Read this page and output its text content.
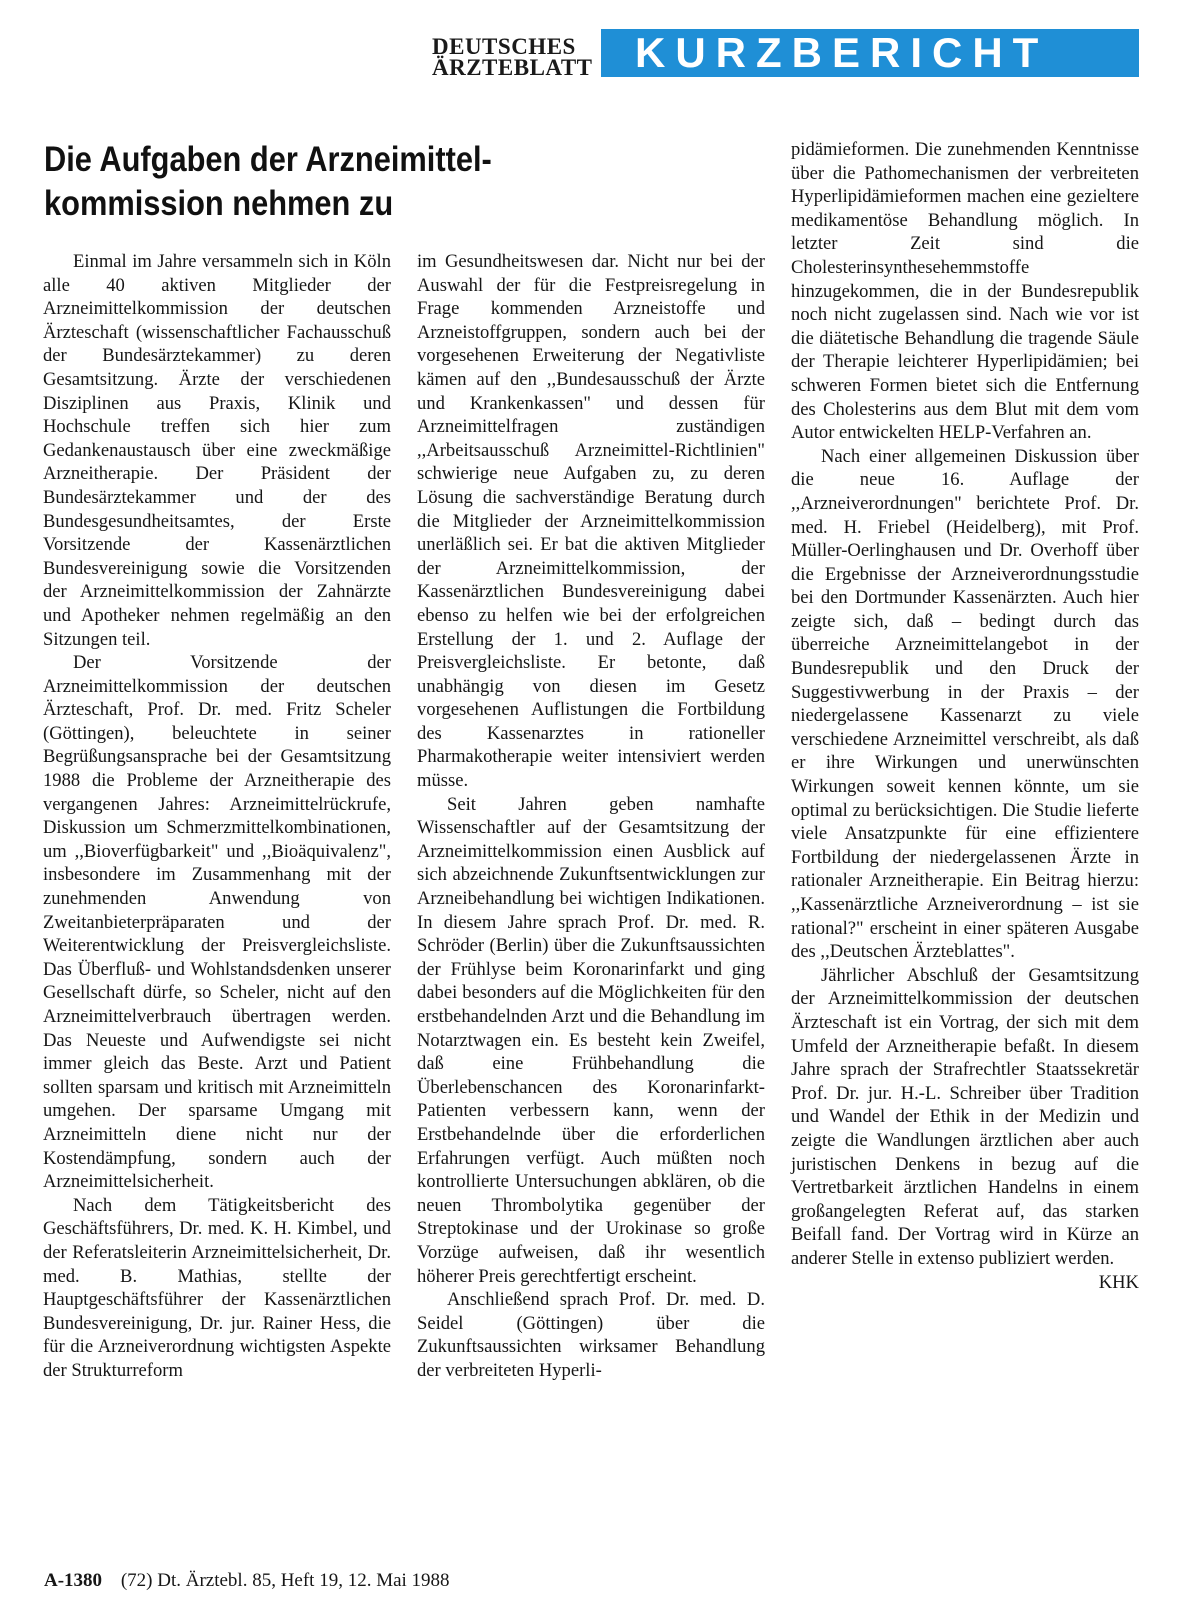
DEUTSCHES
ÄRZTEBLATT KURZBERICHT
Die Aufgaben der Arzneimittel-
kommission nehmen zu

Einmal im Jahre versammeln sich in Köln alle 40 aktiven Mitglieder der Arzneimittelkommission der deutschen Ärzteschaft (wissenschaftlicher Fachausschuß der Bundesärztekammer) zu deren Gesamtsitzung. Ärzte der verschiedenen Disziplinen aus Praxis, Klinik und Hochschule treffen sich hier zum Gedankenaustausch über eine zweckmäßige Arzneitherapie. Der Präsident der Bundesärztekammer und der des Bundesgesundheitsamtes, der Erste Vorsitzende der Kassenärztlichen Bundesvereinigung sowie die Vorsitzenden der Arzneimittelkommission der Zahnärzte und Apotheker nehmen regelmäßig an den Sitzungen teil.

Der Vorsitzende der Arzneimittelkommission der deutschen Ärzteschaft, Prof. Dr. med. Fritz Scheler (Göttingen), beleuchtete in seiner Begrüßungsansprache bei der Gesamtsitzung 1988 die Probleme der Arzneitherapie des vergangenen Jahres: Arzneimittelrückrufe, Diskussion um Schmerzmittelkombinationen, um ,,Bioverfügbarkeit" und ,,Bioäquivalenz", insbesondere im Zusammenhang mit der zunehmenden Anwendung von Zweitanbieterpräparaten und der Weiterentwicklung der Preisvergleichsliste. Das Überfluß- und Wohlstandsdenken unserer Gesellschaft dürfe, so Scheler, nicht auf den Arzneimittelverbrauch übertragen werden. Das Neueste und Aufwendigste sei nicht immer gleich das Beste. Arzt und Patient sollten sparsam und kritisch mit Arzneimitteln umgehen. Der sparsame Umgang mit Arzneimitteln diene nicht nur der Kostendämpfung, sondern auch der Arzneimittelsicherheit.

Nach dem Tätigkeitsbericht des Geschäftsführers, Dr. med. K. H. Kimbel, und der Referatsleiterin Arzneimittelsicherheit, Dr. med. B. Mathias, stellte der Hauptgeschäftsführer der Kassenärztlichen Bundesvereinigung, Dr. jur. Rainer Hess, die für die Arzneiverordnung wichtigsten Aspekte der Strukturreform

im Gesundheitswesen dar. Nicht nur bei der Auswahl der für die Festpreisregelung in Frage kommenden Arzneistoffe und Arzneistoffgruppen, sondern auch bei der vorgesehenen Erweiterung der Negativliste kämen auf den ,,Bundesausschuß der Ärzte und Krankenkassen" und dessen für Arzneimittelfragen zuständigen ,,Arbeitsausschuß Arzneimittel-Richtlinien" schwierige neue Aufgaben zu, zu deren Lösung die sachverständige Beratung durch die Mitglieder der Arzneimittelkommission unerläßlich sei. Er bat die aktiven Mitglieder der Arzneimittelkommission, der Kassenärztlichen Bundesvereinigung dabei ebenso zu helfen wie bei der erfolgreichen Erstellung der 1. und 2. Auflage der Preisvergleichsliste. Er betonte, daß unabhängig von diesen im Gesetz vorgesehenen Auflistungen die Fortbildung des Kassenarztes in rationeller Pharmakotherapie weiter intensiviert werden müsse.

Seit Jahren geben namhafte Wissenschaftler auf der Gesamtsitzung der Arzneimittelkommission einen Ausblick auf sich abzeichnende Zukunftsentwicklungen zur Arzneibehandlung bei wichtigen Indikationen. In diesem Jahre sprach Prof. Dr. med. R. Schröder (Berlin) über die Zukunftsaussichten der Frühlyse beim Koronarinfarkt und ging dabei besonders auf die Möglichkeiten für den erstbehandelnden Arzt und die Behandlung im Notarztwagen ein. Es besteht kein Zweifel, daß eine Frühbehandlung die Überlebenschancen des Koronarinfarkt-Patienten verbessern kann, wenn der Erstbehandelnde über die erforderlichen Erfahrungen verfügt. Auch müßten noch kontrollierte Untersuchungen abklären, ob die neuen Thrombolytika gegenüber der Streptokinase und der Urokinase so große Vorzüge aufweisen, daß ihr wesentlich höherer Preis gerechtfertigt erscheint.

Anschließend sprach Prof. Dr. med. D. Seidel (Göttingen) über die Zukunftsaussichten wirksamer Behandlung der verbreiteten Hyperli-

pidämieformen. Die zunehmenden Kenntnisse über die Pathomechanismen der verbreiteten Hyperlipidämieformen machen eine gezieltere medikamentöse Behandlung möglich. In letzter Zeit sind die Cholesterinsynthesehemmstoffe hinzugekommen, die in der Bundesrepublik noch nicht zugelassen sind. Nach wie vor ist die diätetische Behandlung die tragende Säule der Therapie leichterer Hyperlipidämien; bei schweren Formen bietet sich die Entfernung des Cholesterins aus dem Blut mit dem vom Autor entwickelten HELP-Verfahren an.

Nach einer allgemeinen Diskussion über die neue 16. Auflage der ,,Arzneiverordnungen" berichtete Prof. Dr. med. H. Friebel (Heidelberg), mit Prof. Müller-Oerlinghausen und Dr. Overhoff über die Ergebnisse der Arzneiverordnungsstudie bei den Dortmunder Kassenärzten. Auch hier zeigte sich, daß – bedingt durch das überreiche Arzneimittelangebot in der Bundesrepublik und den Druck der Suggestivwerbung in der Praxis – der niedergelassene Kassenarzt zu viele verschiedene Arzneimittel verschreibt, als daß er ihre Wirkungen und unerwünschten Wirkungen soweit kennen könnte, um sie optimal zu berücksichtigen. Die Studie lieferte viele Ansatzpunkte für eine effizientere Fortbildung der niedergelassenen Ärzte in rationaler Arzneitherapie. Ein Beitrag hierzu: ,,Kassenärztliche Arzneiverordnung – ist sie rational?" erscheint in einer späteren Ausgabe des ,,Deutschen Ärzteblattes".

Jährlicher Abschluß der Gesamtsitzung der Arzneimittelkommission der deutschen Ärzteschaft ist ein Vortrag, der sich mit dem Umfeld der Arzneitherapie befaßt. In diesem Jahre sprach der Strafrechtler Staatssekretär Prof. Dr. jur. H.-L. Schreiber über Tradition und Wandel der Ethik in der Medizin und zeigte die Wandlungen ärztlichen aber auch juristischen Denkens in bezug auf die Vertretbarkeit ärztlichen Handelns in einem großangelegten Referat auf, das starken Beifall fand. Der Vortrag wird in Kürze an anderer Stelle in extenso publiziert werden.
KHK

A-1380 (72) Dt. Ärztebl. 85, Heft 19, 12. Mai 1988
